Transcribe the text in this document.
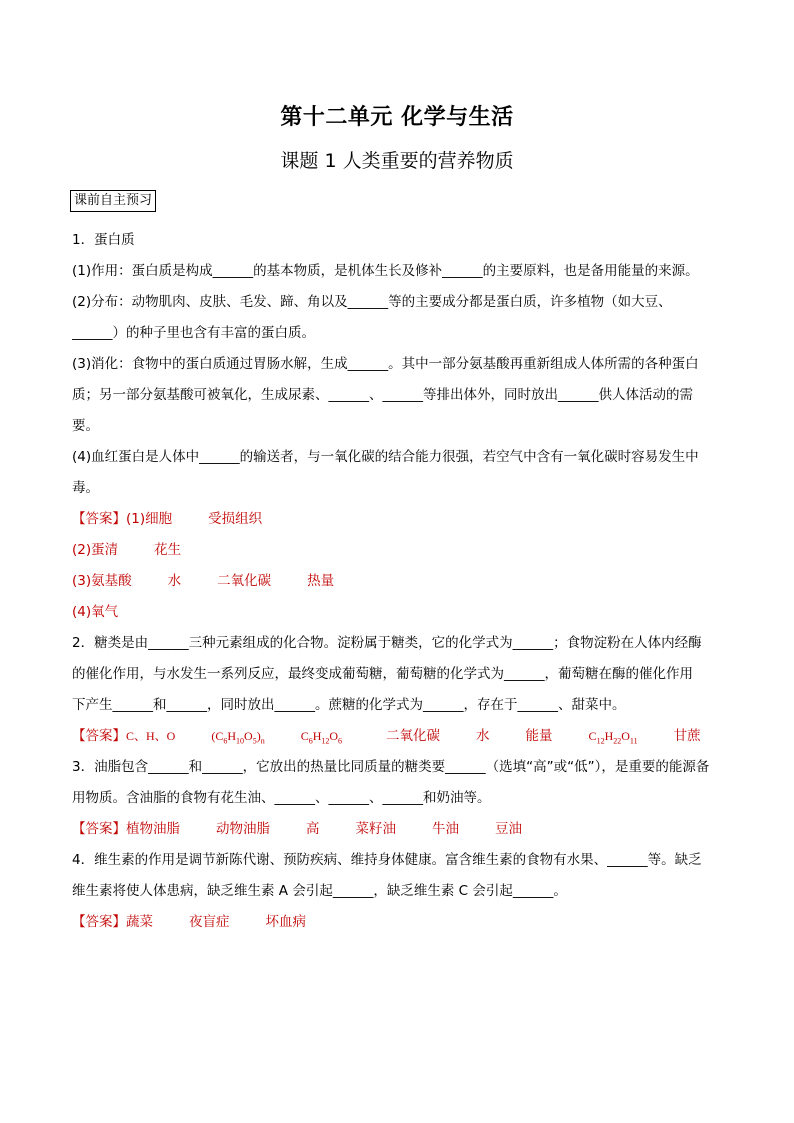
第十二单元 化学与生活
课题 1 人类重要的营养物质
课前自主预习
1．蛋白质
(1)作用：蛋白质是构成______的基本物质，是机体生长及修补______的主要原料，也是备用能量的来源。
(2)分布：动物肌肉、皮肤、毛发、蹄、角以及______等的主要成分都是蛋白质，许多植物（如大豆、
______）的种子里也含有丰富的蛋白质。
(3)消化：食物中的蛋白质通过胃肠水解，生成______。其中一部分氨基酸再重新组成人体所需的各种蛋白
质；另一部分氨基酸可被氧化，生成尿素、______、______等排出体外，同时放出______供人体活动的需
要。
(4)血红蛋白是人体中______的输送者，与一氧化碳的结合能力很强，若空气中含有一氧化碳时容易发生中
毒。
【答案】(1)细胞	受损组织
(2)蛋清	花生
(3)氨基酸	水	二氧化碳	热量
(4)氧气
2．糖类是由______三种元素组成的化合物。淀粉属于糖类，它的化学式为______；食物淀粉在人体内经酶
的催化作用，与水发生一系列反应，最终变成葡萄糖，葡萄糖的化学式为______，葡萄糖在酶的催化作用
下产生______和______，同时放出______。蔗糖的化学式为______，存在于______、甜菜中。
【答案】C、H、O	$(C_6H_{10}O_5)_n$	$C_6H_{12}O_6$	二氧化碳	水	能量	$C_{12}H_{22}O_{11}$	甘蔗
3．油脂包含______和______，它放出的热量比同质量的糖类要______（选填“高”或“低”），是重要的能源备
用物质。含油脂的食物有花生油、______、______、______和奶油等。
【答案】植物油脂	动物油脂	高	菜籽油	牛油	豆油
4．维生素的作用是调节新陈代谢、预防疾病、维持身体健康。富含维生素的食物有水果、______等。缺乏
维生素将使人体患病，缺乏维生素 A 会引起______，缺乏维生素 C 会引起______。
【答案】蔬菜	夜盲症	坏血病
